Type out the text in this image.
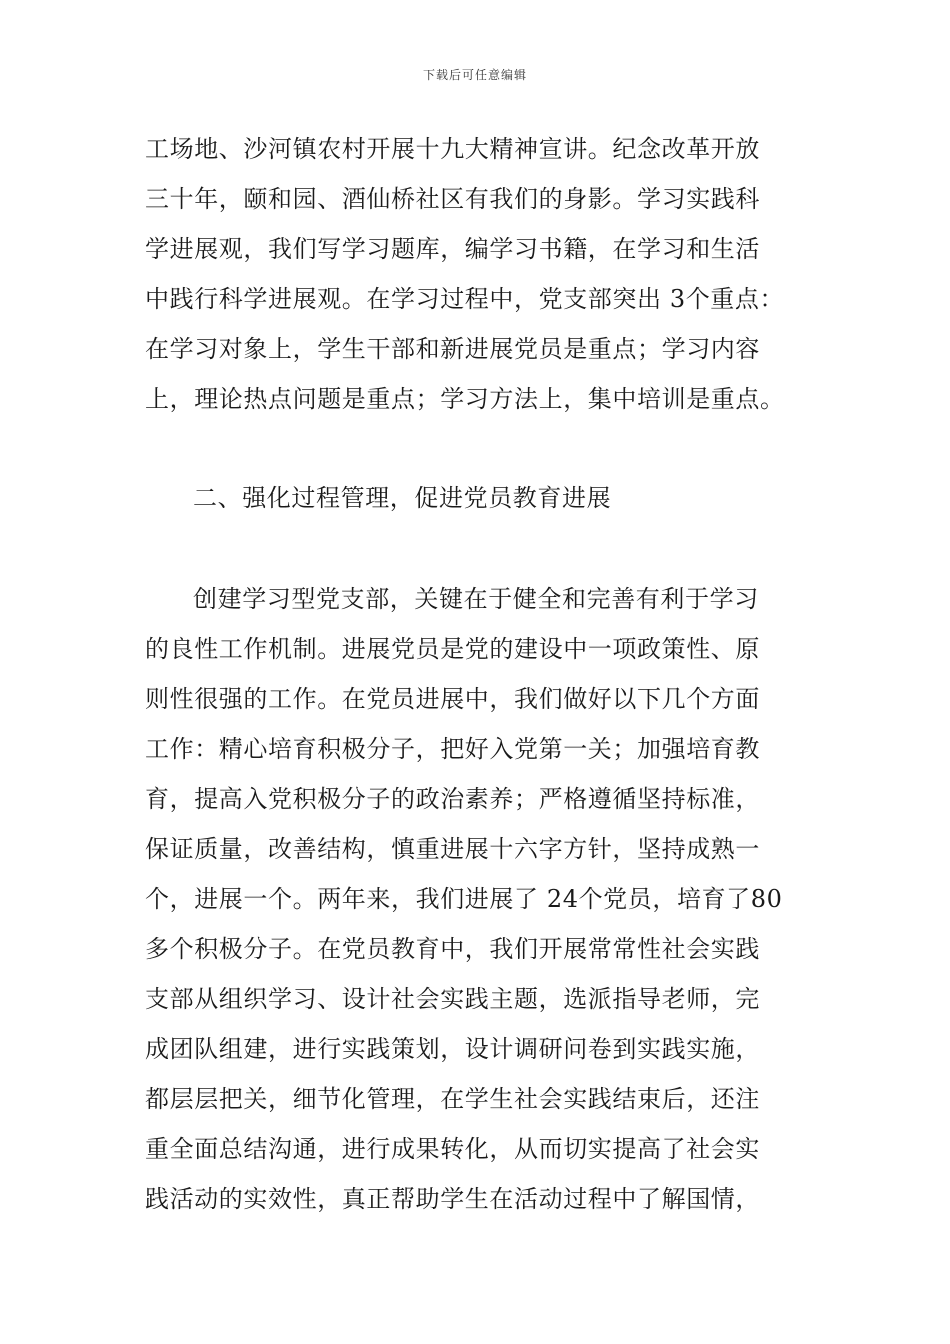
下载后可任意编辑
工场地、沙河镇农村开展十九大精神宣讲。纪念改革开放
三十年，颐和园、酒仙桥社区有我们的身影。学习实践科
学进展观，我们写学习题库，编学习书籍，在学习和生活
中践行科学进展观。在学习过程中，党支部突出 3个重点：
在学习对象上，学生干部和新进展党员是重点；学习内容
上，理论热点问题是重点；学习方法上，集中培训是重点。
二、强化过程管理，促进党员教育进展
创建学习型党支部，关键在于健全和完善有利于学习
的良性工作机制。进展党员是党的建设中一项政策性、原
则性很强的工作。在党员进展中，我们做好以下几个方面
工作：精心培育积极分子，把好入党第一关；加强培育教
育，提高入党积极分子的政治素养；严格遵循坚持标准，
保证质量，改善结构，慎重进展十六字方针，坚持成熟一
个，进展一个。两年来，我们进展了 24个党员，培育了80
多个积极分子。在党员教育中，我们开展常常性社会实践
支部从组织学习、设计社会实践主题，选派指导老师，完
成团队组建，进行实践策划，设计调研问卷到实践实施，
都层层把关，细节化管理，在学生社会实践结束后，还注
重全面总结沟通，进行成果转化，从而切实提高了社会实
践活动的实效性，真正帮助学生在活动过程中了解国情，
